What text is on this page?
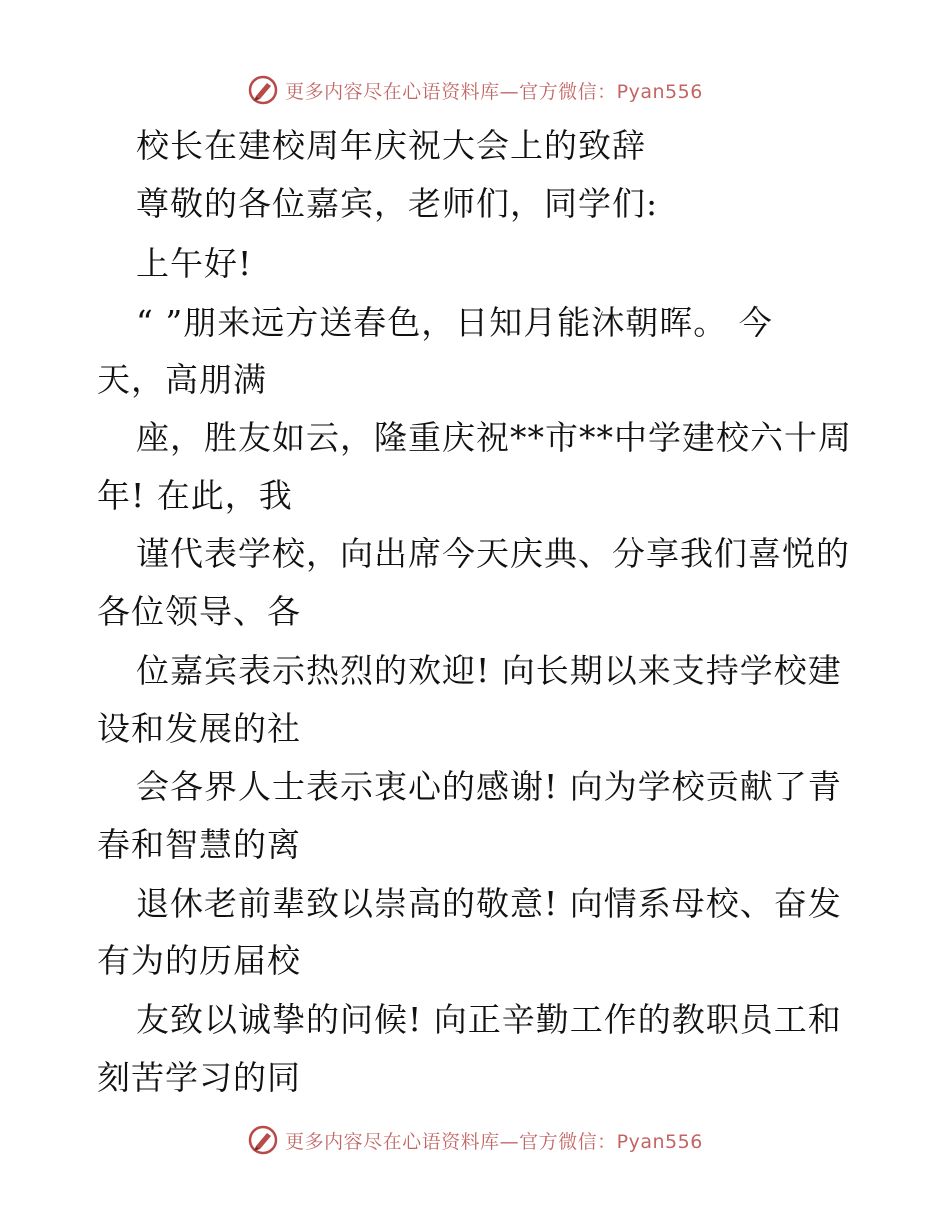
更多内容尽在心语资料库—官方微信：Pyan556
校长在建校周年庆祝大会上的致辞
尊敬的各位嘉宾，老师们，同学们:
上午好!
“ ”朋来远方送春色，日知月能沐朝晖。 今
天，高朋满
座，胜友如云，隆重庆祝**市**中学建校六十周
年! 在此，我
谨代表学校，向出席今天庆典、分享我们喜悦的
各位领导、各
位嘉宾表示热烈的欢迎! 向长期以来支持学校建
设和发展的社
会各界人士表示衷心的感谢! 向为学校贡献了青
春和智慧的离
退休老前辈致以崇高的敬意! 向情系母校、奋发
有为的历届校
友致以诚挚的问候! 向正辛勤工作的教职员工和
刻苦学习的同
更多内容尽在心语资料库—官方微信：Pyan556
